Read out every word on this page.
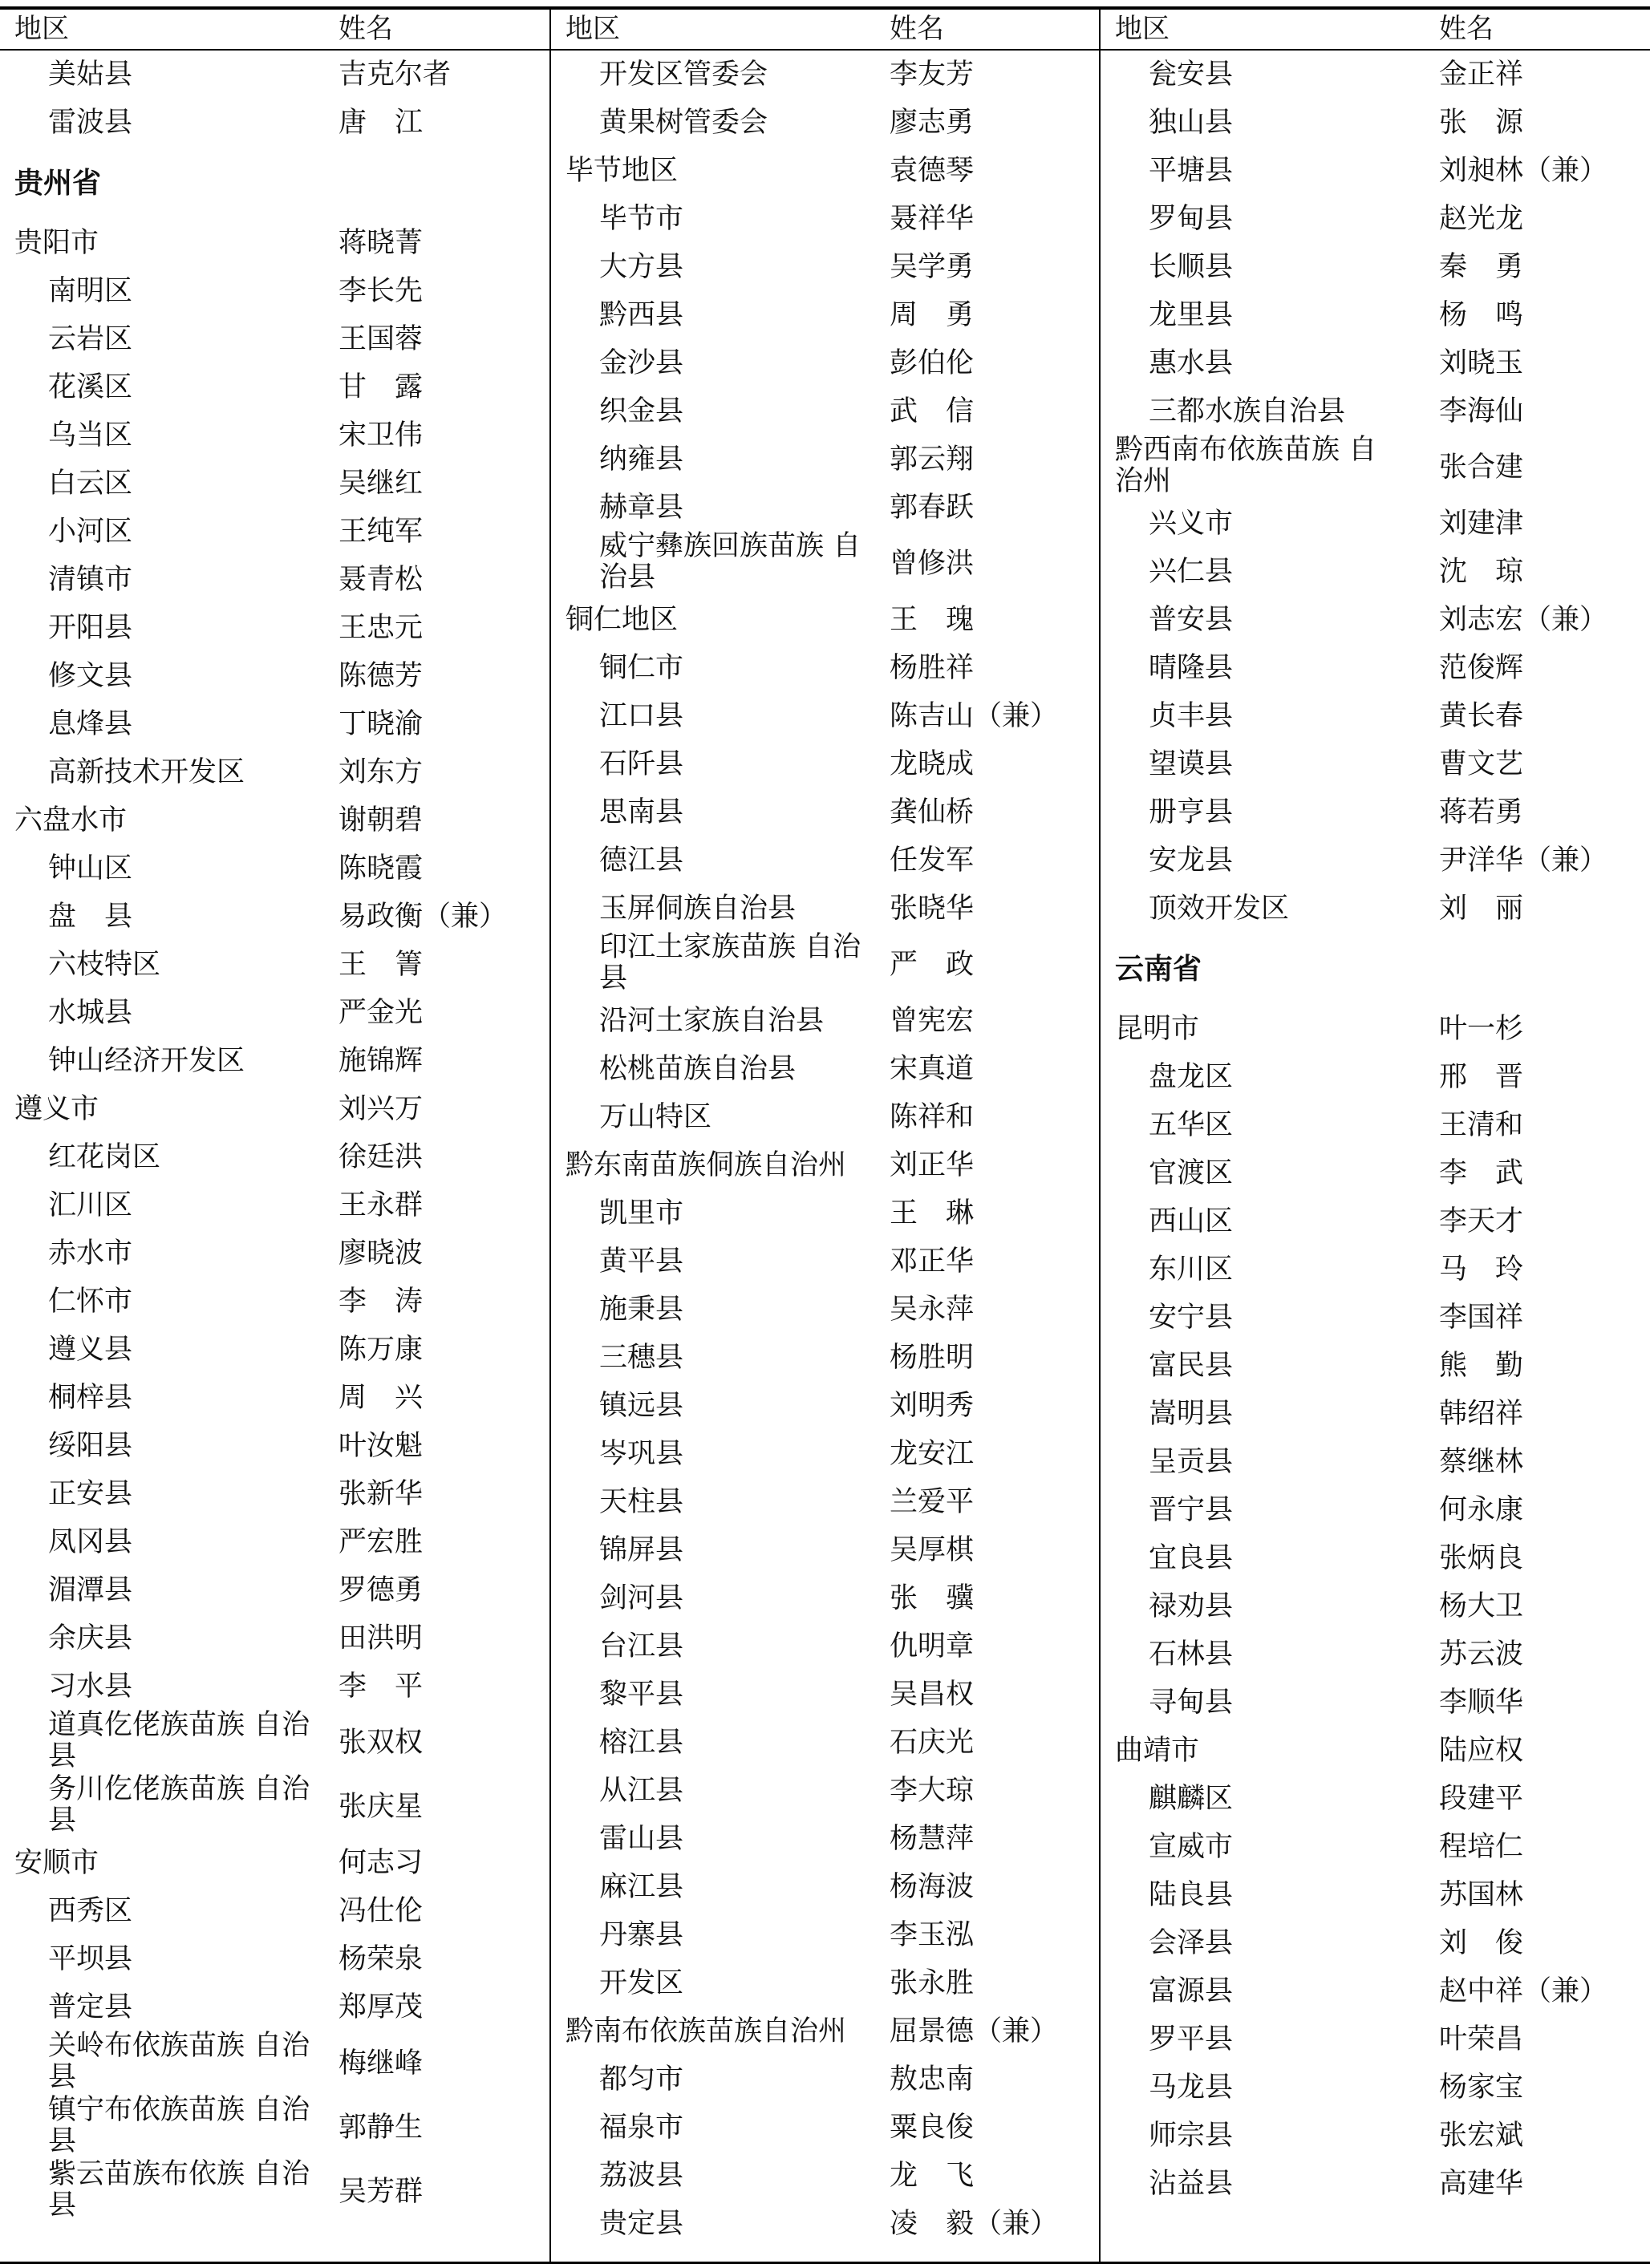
地区	姓名
美姑县	吉克尔者
雷波县	唐　江
贵州省
贵阳市	蒋晓菁
南明区	李长先
云岩区	王国蓉
花溪区	甘　露
乌当区	宋卫伟
白云区	吴继红
小河区	王纯军
清镇市	聂青松
开阳县	王忠元
修文县	陈德芳
息烽县	丁晓渝
高新技术开发区	刘东方
六盘水市	谢朝碧
钟山区	陈晓霞
盘　县	易政衡（兼）
六枝特区	王　箐
水城县	严金光
钟山经济开发区	施锦辉
遵义市	刘兴万
红花岗区	徐廷洪
汇川区	王永群
赤水市	廖晓波
仁怀市	李　涛
遵义县	陈万康
桐梓县	周　兴
绥阳县	叶汝魁
正安县	张新华
凤冈县	严宏胜
湄潭县	罗德勇
余庆县	田洪明
习水县	李　平
道真仡佬族苗族 自治县	张双权
务川仡佬族苗族 自治县	张庆星
安顺市	何志习
西秀区	冯仕伦
平坝县	杨荣泉
普定县	郑厚茂
关岭布依族苗族 自治县	梅继峰
镇宁布依族苗族 自治县	郭静生
紫云苗族布依族 自治县	吴芳群
地区	姓名
开发区管委会	李友芳
黄果树管委会	廖志勇
毕节地区	袁德琴
毕节市	聂祥华
大方县	吴学勇
黔西县	周　勇
金沙县	彭伯伦
织金县	武　信
纳雍县	郭云翔
赫章县	郭春跃
威宁彝族回族苗族 自治县	曾修洪
铜仁地区	王　瑰
铜仁市	杨胜祥
江口县	陈吉山（兼）
石阡县	龙晓成
思南县	龚仙桥
德江县	任发军
玉屏侗族自治县	张晓华
印江土家族苗族 自治县	严　政
沿河土家族自治县	曾宪宏
松桃苗族自治县	宋真道
万山特区	陈祥和
黔东南苗族侗族自治州	刘正华
凯里市	王　琳
黄平县	邓正华
施秉县	吴永萍
三穗县	杨胜明
镇远县	刘明秀
岑巩县	龙安江
天柱县	兰爱平
锦屏县	吴厚棋
剑河县	张　骥
台江县	仇明章
黎平县	吴昌权
榕江县	石庆光
从江县	李大琼
雷山县	杨慧萍
麻江县	杨海波
丹寨县	李玉泓
开发区	张永胜
黔南布依族苗族自治州	屈景德（兼）
都匀市	敖忠南
福泉市	粟良俊
荔波县	龙　飞
贵定县	凌　毅（兼）
地区	姓名
瓮安县	金正祥
独山县	张　源
平塘县	刘昶林（兼）
罗甸县	赵光龙
长顺县	秦　勇
龙里县	杨　鸣
惠水县	刘晓玉
三都水族自治县	李海仙
黔西南布依族苗族 自治州	张合建
兴义市	刘建津
兴仁县	沈　琼
普安县	刘志宏（兼）
晴隆县	范俊辉
贞丰县	黄长春
望谟县	曹文艺
册亨县	蒋若勇
安龙县	尹洋华（兼）
顶效开发区	刘　丽
云南省
昆明市	叶一杉
盘龙区	邢　晋
五华区	王清和
官渡区	李　武
西山区	李天才
东川区	马　玲
安宁县	李国祥
富民县	熊　勤
嵩明县	韩绍祥
呈贡县	蔡继林
晋宁县	何永康
宜良县	张炳良
禄劝县	杨大卫
石林县	苏云波
寻甸县	李顺华
曲靖市	陆应权
麒麟区	段建平
宣威市	程培仁
陆良县	苏国林
会泽县	刘　俊
富源县	赵中祥（兼）
罗平县	叶荣昌
马龙县	杨家宝
师宗县	张宏斌
沾益县	高建华
